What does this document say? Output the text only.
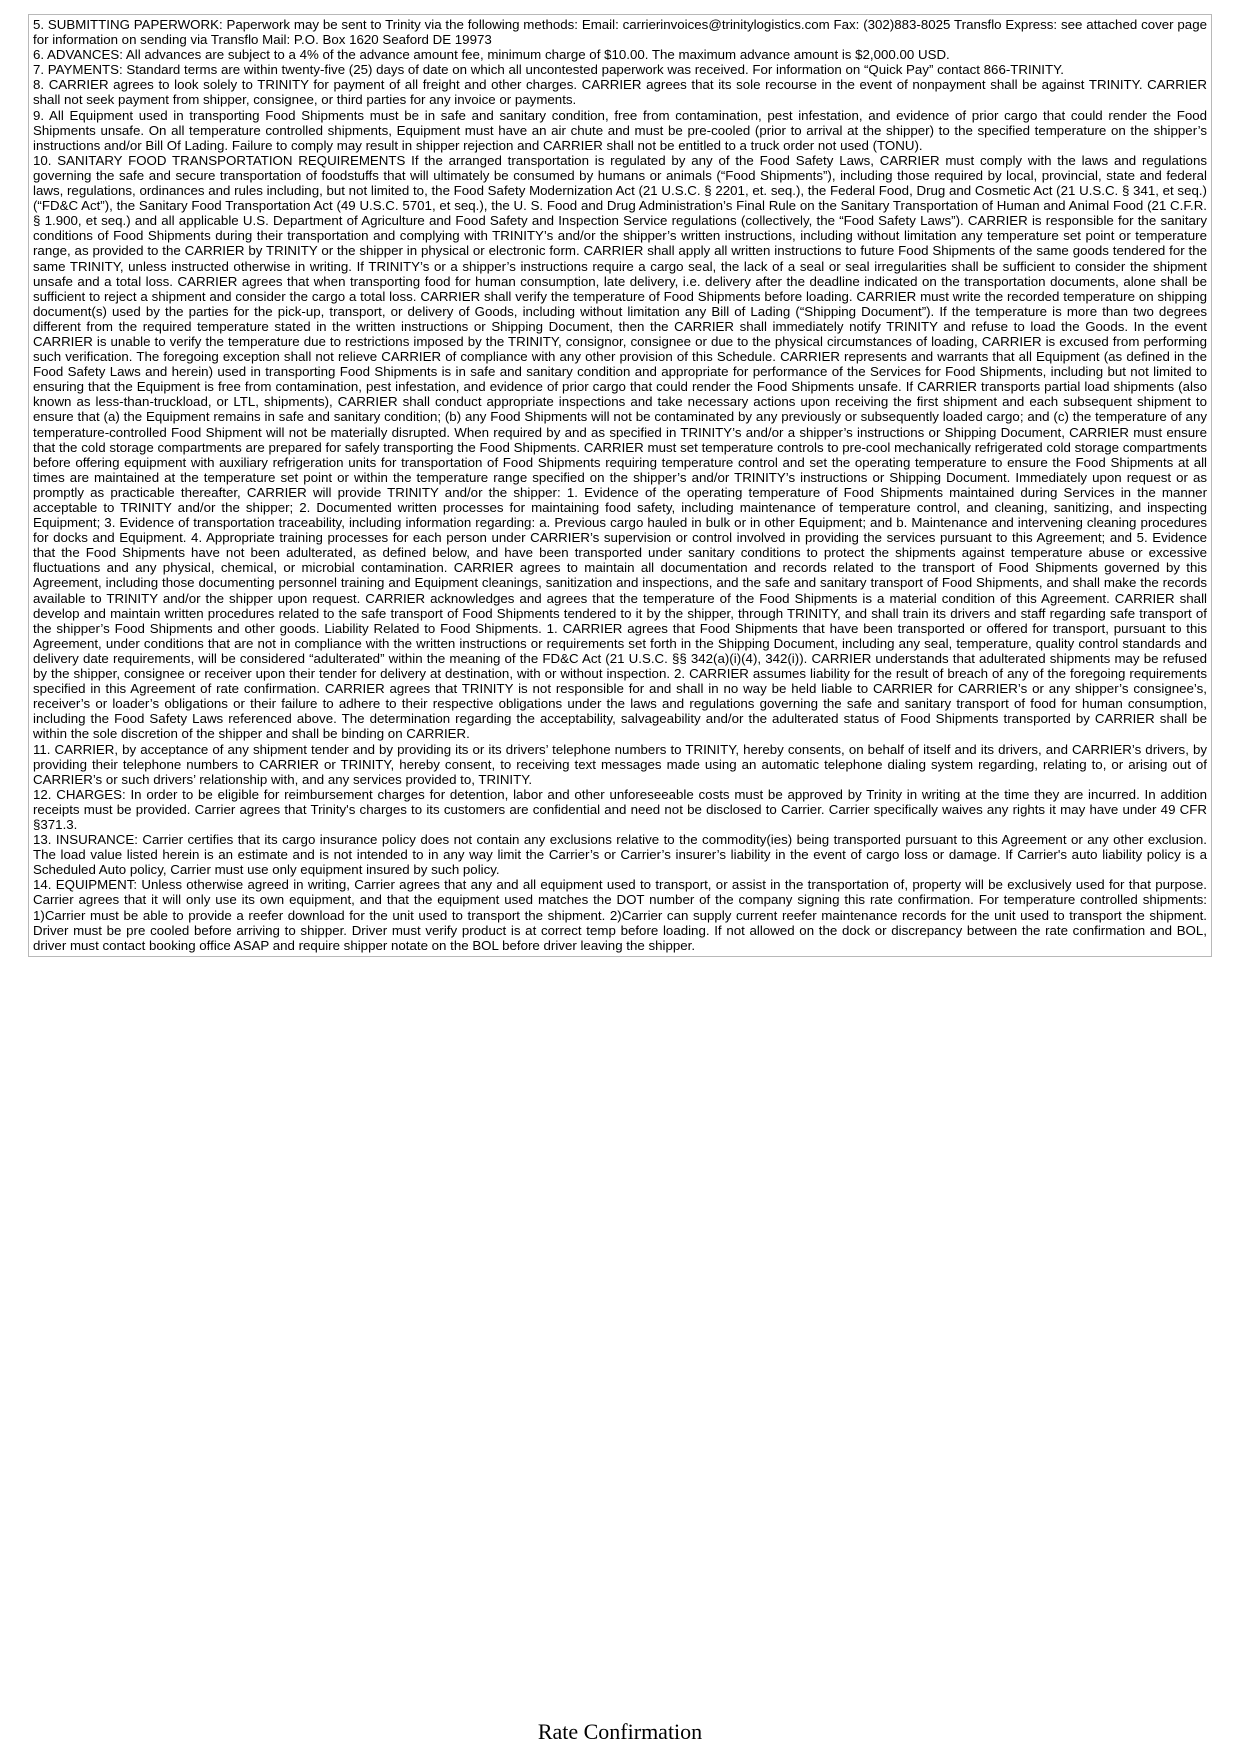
5. SUBMITTING PAPERWORK: Paperwork may be sent to Trinity via the following methods: Email: carrierinvoices@trinitylogistics.com Fax: (302)883-8025 Transflo Express: see attached cover page for information on sending via Transflo Mail: P.O. Box 1620 Seaford DE 19973

6. ADVANCES: All advances are subject to a 4% of the advance amount fee, minimum charge of $10.00. The maximum advance amount is $2,000.00 USD.

7. PAYMENTS: Standard terms are within twenty-five (25) days of date on which all uncontested paperwork was received. For information on “Quick Pay” contact 866-TRINITY.

8. CARRIER agrees to look solely to TRINITY for payment of all freight and other charges. CARRIER agrees that its sole recourse in the event of nonpayment shall be against TRINITY. CARRIER shall not seek payment from shipper, consignee, or third parties for any invoice or payments.

9. All Equipment used in transporting Food Shipments must be in safe and sanitary condition, free from contamination, pest infestation, and evidence of prior cargo that could render the Food Shipments unsafe. On all temperature controlled shipments, Equipment must have an air chute and must be pre-cooled (prior to arrival at the shipper) to the specified temperature on the shipper’s instructions and/or Bill Of Lading. Failure to comply may result in shipper rejection and CARRIER shall not be entitled to a truck order not used (TONU).

10. SANITARY FOOD TRANSPORTATION REQUIREMENTS If the arranged transportation is regulated by any of the Food Safety Laws, CARRIER must comply with the laws and regulations governing the safe and secure transportation of foodstuffs that will ultimately be consumed by humans or animals (“Food Shipments”), including those required by local, provincial, state and federal laws, regulations, ordinances and rules including, but not limited to, the Food Safety Modernization Act (21 U.S.C. § 2201, et. seq.), the Federal Food, Drug and Cosmetic Act (21 U.S.C. § 341, et seq.) (“FD&C Act”), the Sanitary Food Transportation Act (49 U.S.C. 5701, et seq.), the U. S. Food and Drug Administration’s Final Rule on the Sanitary Transportation of Human and Animal Food (21 C.F.R. § 1.900, et seq.) and all applicable U.S. Department of Agriculture and Food Safety and Inspection Service regulations (collectively, the “Food Safety Laws”). CARRIER is responsible for the sanitary conditions of Food Shipments during their transportation and complying with TRINITY’s and/or the shipper’s written instructions, including without limitation any temperature set point or temperature range, as provided to the CARRIER by TRINITY or the shipper in physical or electronic form. CARRIER shall apply all written instructions to future Food Shipments of the same goods tendered for the same TRINITY, unless instructed otherwise in writing. If TRINITY’s or a shipper’s instructions require a cargo seal, the lack of a seal or seal irregularities shall be sufficient to consider the shipment unsafe and a total loss. CARRIER agrees that when transporting food for human consumption, late delivery, i.e. delivery after the deadline indicated on the transportation documents, alone shall be sufficient to reject a shipment and consider the cargo a total loss. CARRIER shall verify the temperature of Food Shipments before loading. CARRIER must write the recorded temperature on shipping document(s) used by the parties for the pick-up, transport, or delivery of Goods, including without limitation any Bill of Lading (“Shipping Document”). If the temperature is more than two degrees different from the required temperature stated in the written instructions or Shipping Document, then the CARRIER shall immediately notify TRINITY and refuse to load the Goods. In the event CARRIER is unable to verify the temperature due to restrictions imposed by the TRINITY, consignor, consignee or due to the physical circumstances of loading, CARRIER is excused from performing such verification. The foregoing exception shall not relieve CARRIER of compliance with any other provision of this Schedule. CARRIER represents and warrants that all Equipment (as defined in the Food Safety Laws and herein) used in transporting Food Shipments is in safe and sanitary condition and appropriate for performance of the Services for Food Shipments, including but not limited to ensuring that the Equipment is free from contamination, pest infestation, and evidence of prior cargo that could render the Food Shipments unsafe. If CARRIER transports partial load shipments (also known as less-than-truckload, or LTL, shipments), CARRIER shall conduct appropriate inspections and take necessary actions upon receiving the first shipment and each subsequent shipment to ensure that (a) the Equipment remains in safe and sanitary condition; (b) any Food Shipments will not be contaminated by any previously or subsequently loaded cargo; and (c) the temperature of any temperature-controlled Food Shipment will not be materially disrupted. When required by and as specified in TRINITY’s and/or a shipper’s instructions or Shipping Document, CARRIER must ensure that the cold storage compartments are prepared for safely transporting the Food Shipments. CARRIER must set temperature controls to pre-cool mechanically refrigerated cold storage compartments before offering equipment with auxiliary refrigeration units for transportation of Food Shipments requiring temperature control and set the operating temperature to ensure the Food Shipments at all times are maintained at the temperature set point or within the temperature range specified on the shipper’s and/or TRINITY’s instructions or Shipping Document. Immediately upon request or as promptly as practicable thereafter, CARRIER will provide TRINITY and/or the shipper: 1. Evidence of the operating temperature of Food Shipments maintained during Services in the manner acceptable to TRINITY and/or the shipper; 2. Documented written processes for maintaining food safety, including maintenance of temperature control, and cleaning, sanitizing, and inspecting Equipment; 3. Evidence of transportation traceability, including information regarding: a. Previous cargo hauled in bulk or in other Equipment; and b. Maintenance and intervening cleaning procedures for docks and Equipment. 4. Appropriate training processes for each person under CARRIER’s supervision or control involved in providing the services pursuant to this Agreement; and 5. Evidence that the Food Shipments have not been adulterated, as defined below, and have been transported under sanitary conditions to protect the shipments against temperature abuse or excessive fluctuations and any physical, chemical, or microbial contamination. CARRIER agrees to maintain all documentation and records related to the transport of Food Shipments governed by this Agreement, including those documenting personnel training and Equipment cleanings, sanitization and inspections, and the safe and sanitary transport of Food Shipments, and shall make the records available to TRINITY and/or the shipper upon request. CARRIER acknowledges and agrees that the temperature of the Food Shipments is a material condition of this Agreement. CARRIER shall develop and maintain written procedures related to the safe transport of Food Shipments tendered to it by the shipper, through TRINITY, and shall train its drivers and staff regarding safe transport of the shipper’s Food Shipments and other goods. Liability Related to Food Shipments. 1. CARRIER agrees that Food Shipments that have been transported or offered for transport, pursuant to this Agreement, under conditions that are not in compliance with the written instructions or requirements set forth in the Shipping Document, including any seal, temperature, quality control standards and delivery date requirements, will be considered “adulterated” within the meaning of the FD&C Act (21 U.S.C. §§ 342(a)(i)(4), 342(i)). CARRIER understands that adulterated shipments may be refused by the shipper, consignee or receiver upon their tender for delivery at destination, with or without inspection. 2. CARRIER assumes liability for the result of breach of any of the foregoing requirements specified in this Agreement of rate confirmation. CARRIER agrees that TRINITY is not responsible for and shall in no way be held liable to CARRIER for CARRIER’s or any shipper’s consignee’s, receiver’s or loader’s obligations or their failure to adhere to their respective obligations under the laws and regulations governing the safe and sanitary transport of food for human consumption, including the Food Safety Laws referenced above. The determination regarding the acceptability, salvageability and/or the adulterated status of Food Shipments transported by CARRIER shall be within the sole discretion of the shipper and shall be binding on CARRIER.

11. CARRIER, by acceptance of any shipment tender and by providing its or its drivers’ telephone numbers to TRINITY, hereby consents, on behalf of itself and its drivers, and CARRIER’s drivers, by providing their telephone numbers to CARRIER or TRINITY, hereby consent, to receiving text messages made using an automatic telephone dialing system regarding, relating to, or arising out of CARRIER’s or such drivers’ relationship with, and any services provided to, TRINITY.

12. CHARGES: In order to be eligible for reimbursement charges for detention, labor and other unforeseeable costs must be approved by Trinity in writing at the time they are incurred. In addition receipts must be provided. Carrier agrees that Trinity's charges to its customers are confidential and need not be disclosed to Carrier. Carrier specifically waives any rights it may have under 49 CFR §371.3.

13. INSURANCE: Carrier certifies that its cargo insurance policy does not contain any exclusions relative to the commodity(ies) being transported pursuant to this Agreement or any other exclusion. The load value listed herein is an estimate and is not intended to in any way limit the Carrier’s or Carrier’s insurer’s liability in the event of cargo loss or damage. If Carrier's auto liability policy is a Scheduled Auto policy, Carrier must use only equipment insured by such policy.

14. EQUIPMENT: Unless otherwise agreed in writing, Carrier agrees that any and all equipment used to transport, or assist in the transportation of, property will be exclusively used for that purpose. Carrier agrees that it will only use its own equipment, and that the equipment used matches the DOT number of the company signing this rate confirmation. For temperature controlled shipments: 1)Carrier must be able to provide a reefer download for the unit used to transport the shipment. 2)Carrier can supply current reefer maintenance records for the unit used to transport the shipment. Driver must be pre cooled before arriving to shipper. Driver must verify product is at correct temp before loading. If not allowed on the dock or discrepancy between the rate confirmation and BOL, driver must contact booking office ASAP and require shipper notate on the BOL before driver leaving the shipper.

Rate Confirmation
